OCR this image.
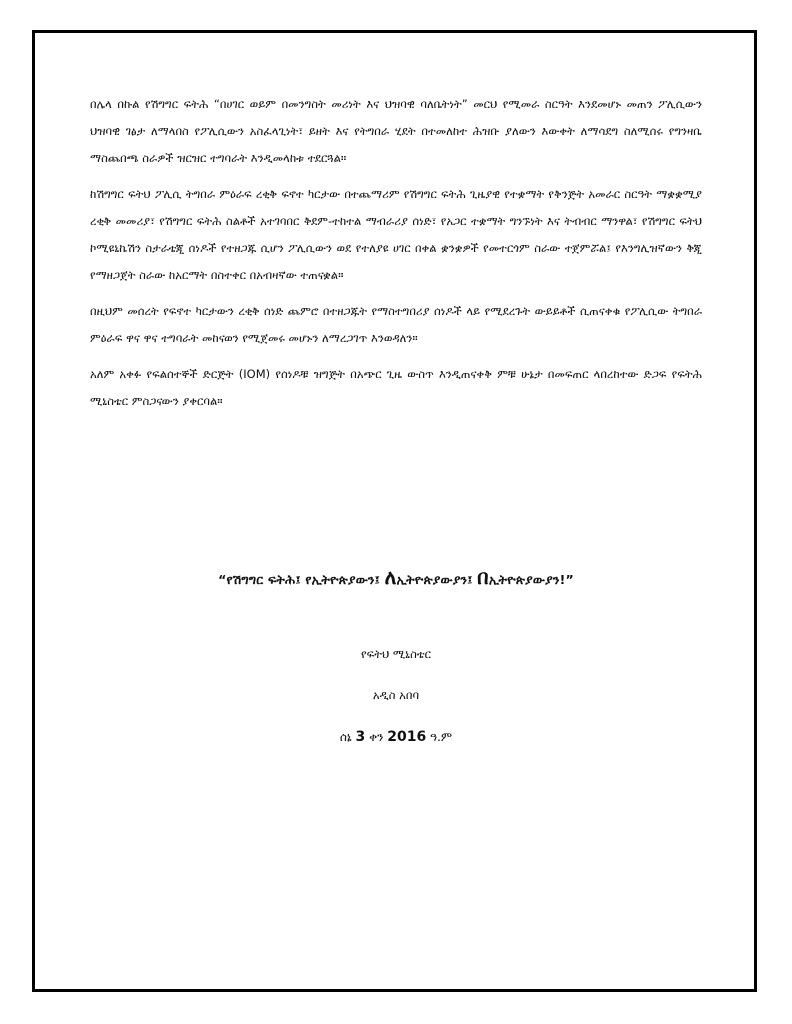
በሌላ በኩል የሽግግር ፍትሕ “በሀገር ወይም በመንግስት መሪነት እና ህዝባዊ ባለቤትነት” መርህ የሚመራ ስርዓት እንደመሆኑ መጠን ፖሊሲውን ህዝባዊ ገፅታ ለማላበስ የፖሊሲውን አስፈላጊነት፣ ይዘት እና የትግበራ ሂደት በተመለከተ ሕዝቡ ያለውን እውቀት ለማሳደግ ስለሚሰሩ የግንዛቤ ማስጨበጫ ስራዎች ዝርዝር ተግባራት እንዲመላከቱ ተደርጓል።

ከሽግግር ፍትህ ፖሊሲ ትግበራ ምዕራፍ ረቂቅ ፍኖተ ካርታው በተጨማሪም የሽግግር ፍትሕ ጊዜያዊ የተቋማት የቅንጅት አመራር ስርዓት ማቋቋሚያ ረቂቅ መመሪያ፣ የሽግግር ፍትሕ ስልቶች አተገባበር ቅደም-ተከተል ማብራሪያ ሰነድ፣ የአጋር ተቋማት ግንኙነት እና ትብብር ማንዋል፣ የሽግግር ፍትህ ኮሚዩኒኬሽን ስታራቴጂ ሰነዶች የተዘጋጁ ሲሆን ፖሊሲውን ወደ የተለያዩ ሀገር በቀል ቋንቋዎች የመተርጎም ስራው ተጀምሯል፤ የእንግሊዝኛውን ቅጂ የማዘጋጀት ስራው ከአርማት በስተቀር በአብዛኛው ተጠናቋል።

በዚህም መሰረት የፍኖተ ካርታውን ረቂቅ ሰነድ ጨምሮ በተዘጋጁት የማስተግበሪያ ሰነዶች ላይ የሚደረጉት ውይይቶች ሲጠናቀቁ የፖሊሲው ትግበራ ምዕራፍ ዋና ዋና ተግባራት መከናወን የሚጀመሩ መሆኑን ለማረጋገጥ እንወዳለን።

አለም አቀፉ የፍልሰተኞች ድርጅት (IOM) የሰነዶቹ ዝግጅት በአጭር ጊዜ ውስጥ እንዲጠናቀቅ ምቹ ሁኔታ በመፍጠር ላበረከተው ድጋፍ የፍትሕ ሚኒስቴር ምስጋናውን ያቀርባል።

“የሽግግር ፍትሕ፤ የኢትዮጵያውን፤ ለኢትዮጵያውያን፤ በኢትዮጵያውያን!”
የፍትህ ሚኒስቴር
አዲስ አበባ
ሰኔ 3 ቀን 2016 ዓ.ም
